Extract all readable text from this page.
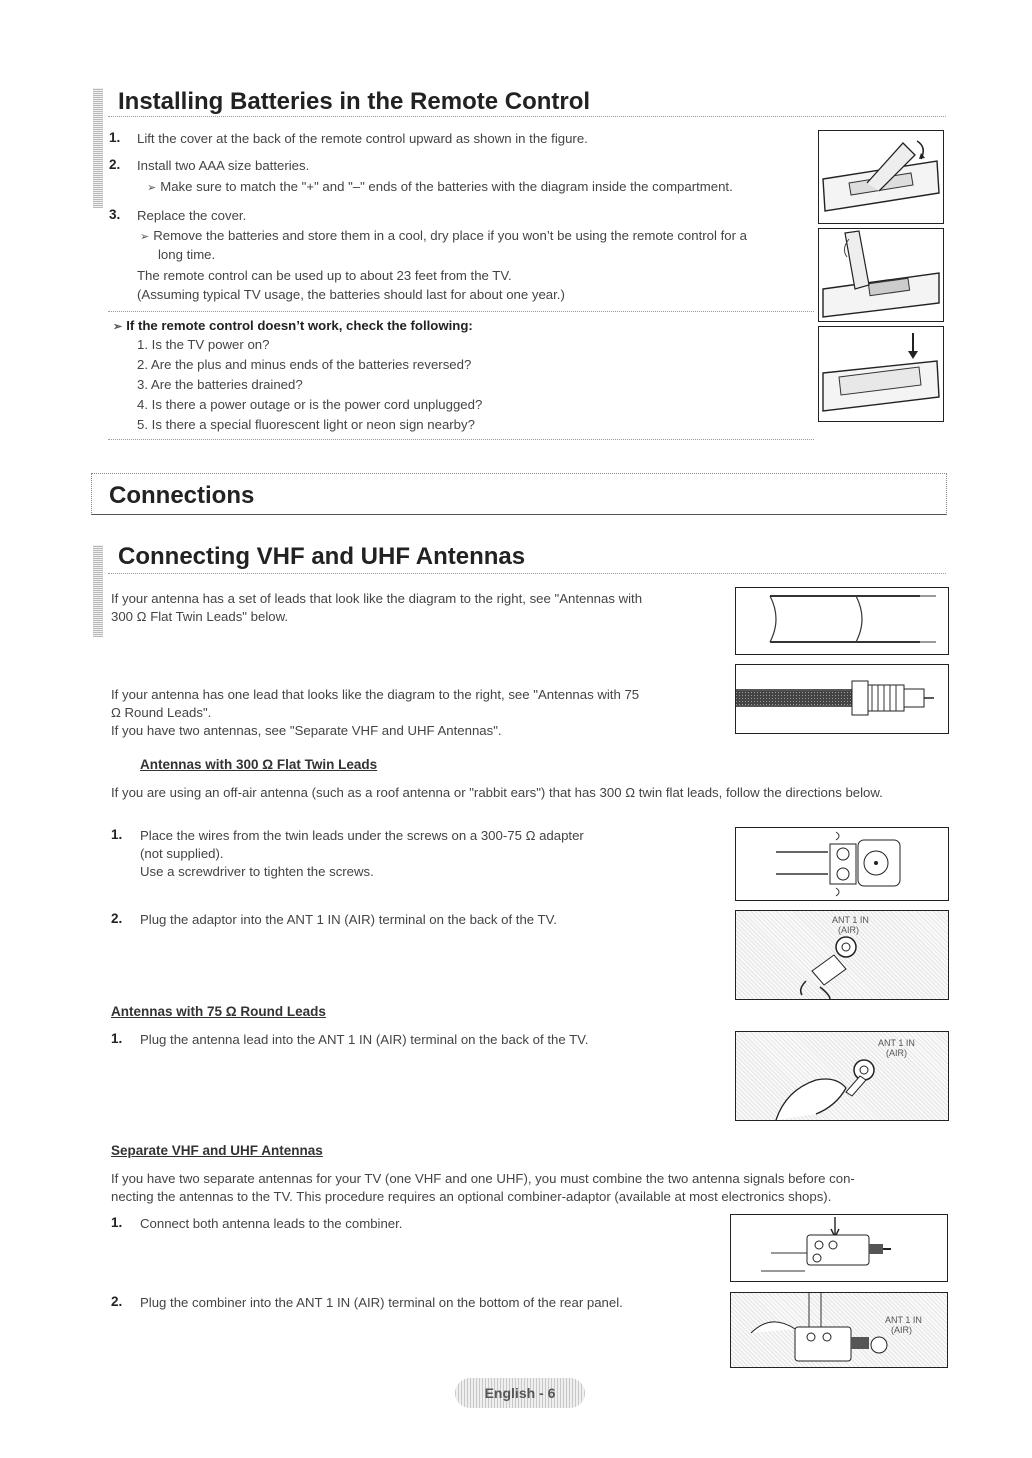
Installing Batteries in the Remote Control
1. Lift the cover at the back of the remote control upward as shown in the figure.
2. Install two AAA size batteries.
➢ Make sure to match the "+" and "–" ends of the batteries with the diagram inside the compartment.
3. Replace the cover.
➢ Remove the batteries and store them in a cool, dry place if you won’t be using the remote control for a
long time.
The remote control can be used up to about 23 feet from the TV.
(Assuming typical TV usage, the batteries should last for about one year.)
➢ If the remote control doesn’t work, check the following:
1. Is the TV power on?
2. Are the plus and minus ends of the batteries reversed?
3. Are the batteries drained?
4. Is there a power outage or is the power cord unplugged?
5. Is there a special fluorescent light or neon sign nearby?
Connections
Connecting VHF and UHF Antennas
If your antenna has a set of leads that look like the diagram to the right, see "Antennas with
300 Ω Flat Twin Leads" below.
If your antenna has one lead that looks like the diagram to the right, see "Antennas with 75
Ω Round Leads".
If you have two antennas, see "Separate VHF and UHF Antennas".
Antennas with 300 Ω Flat Twin Leads
If you are using an off-air antenna (such as a roof antenna or "rabbit ears") that has 300 Ω twin flat leads, follow the directions below.
1. Place the wires from the twin leads under the screws on a 300-75 Ω adapter
(not supplied).
Use a screwdriver to tighten the screws.
2. Plug the adaptor into the ANT 1 IN (AIR) terminal on the back of the TV.	ANT 1 IN
(AIR)
Antennas with 75 Ω Round Leads
1. Plug the antenna lead into the ANT 1 IN (AIR) terminal on the back of the TV.	ANT 1 IN
(AIR)
Separate VHF and UHF Antennas
If you have two separate antennas for your TV (one VHF and one UHF), you must combine the two antenna signals before con-
necting the antennas to the TV. This procedure requires an optional combiner-adaptor (available at most electronics shops).
1. Connect both antenna leads to the combiner.
2. Plug the combiner into the ANT 1 IN (AIR) terminal on the bottom of the rear panel.
ANT 1 IN
(AIR)
English - 6
